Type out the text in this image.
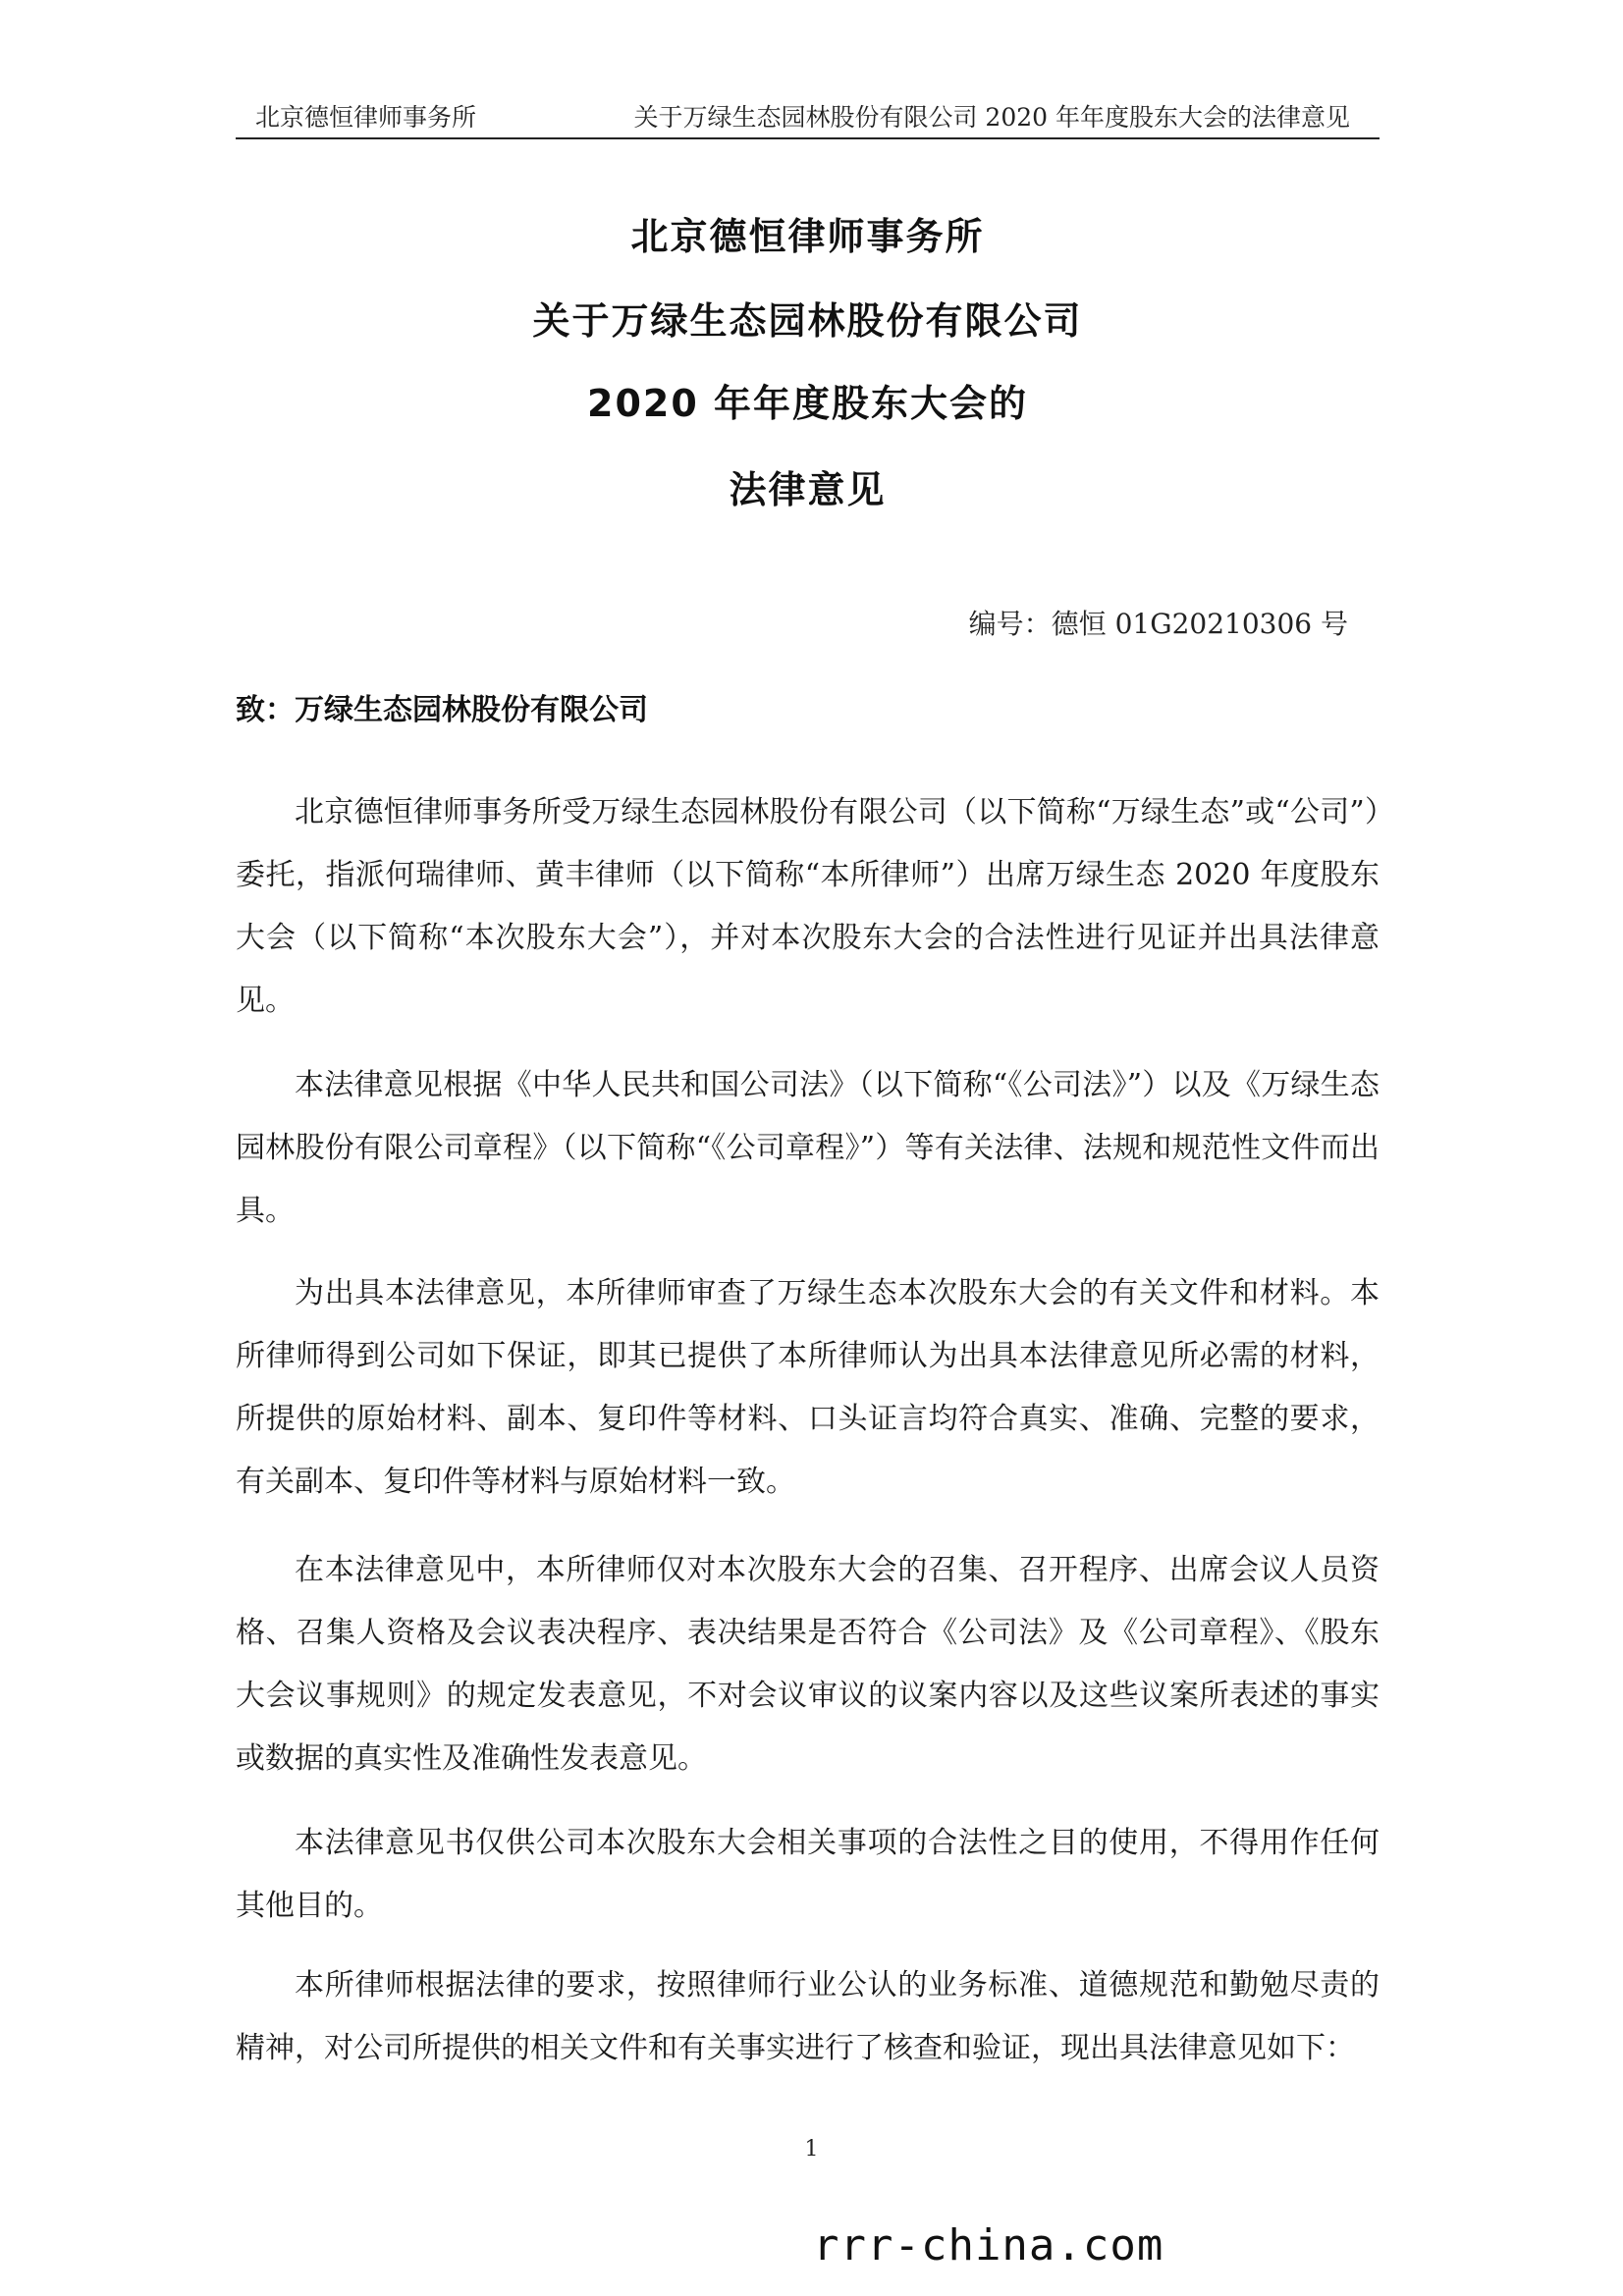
北京德恒律师事务所	关于万绿生态园林股份有限公司 2020 年年度股东大会的法律意见
北京德恒律师事务所
关于万绿生态园林股份有限公司
2020 年年度股东大会的
法律意见
编号：德恒 01G20210306 号
致：万绿生态园林股份有限公司

北京德恒律师事务所受万绿生态园林股份有限公司（以下简称“万绿生态”或“公司”）委托，指派何瑞律师、黄丰律师（以下简称“本所律师”）出席万绿生态 2020 年度股东大会（以下简称“本次股东大会”），并对本次股东大会的合法性进行见证并出具法律意见。

本法律意见根据《中华人民共和国公司法》（以下简称“《公司法》”）以及《万绿生态园林股份有限公司章程》（以下简称“《公司章程》”）等有关法律、法规和规范性文件而出具。

为出具本法律意见，本所律师审查了万绿生态本次股东大会的有关文件和材料。本所律师得到公司如下保证，即其已提供了本所律师认为出具本法律意见所必需的材料，所提供的原始材料、副本、复印件等材料、口头证言均符合真实、准确、完整的要求，有关副本、复印件等材料与原始材料一致。

在本法律意见中，本所律师仅对本次股东大会的召集、召开程序、出席会议人员资格、召集人资格及会议表决程序、表决结果是否符合《公司法》及《公司章程》、《股东大会议事规则》的规定发表意见，不对会议审议的议案内容以及这些议案所表述的事实或数据的真实性及准确性发表意见。

本法律意见书仅供公司本次股东大会相关事项的合法性之目的使用，不得用作任何其他目的。

本所律师根据法律的要求，按照律师行业公认的业务标准、道德规范和勤勉尽责的精神，对公司所提供的相关文件和有关事实进行了核查和验证，现出具法律意见如下：

1
rrr-china.com
